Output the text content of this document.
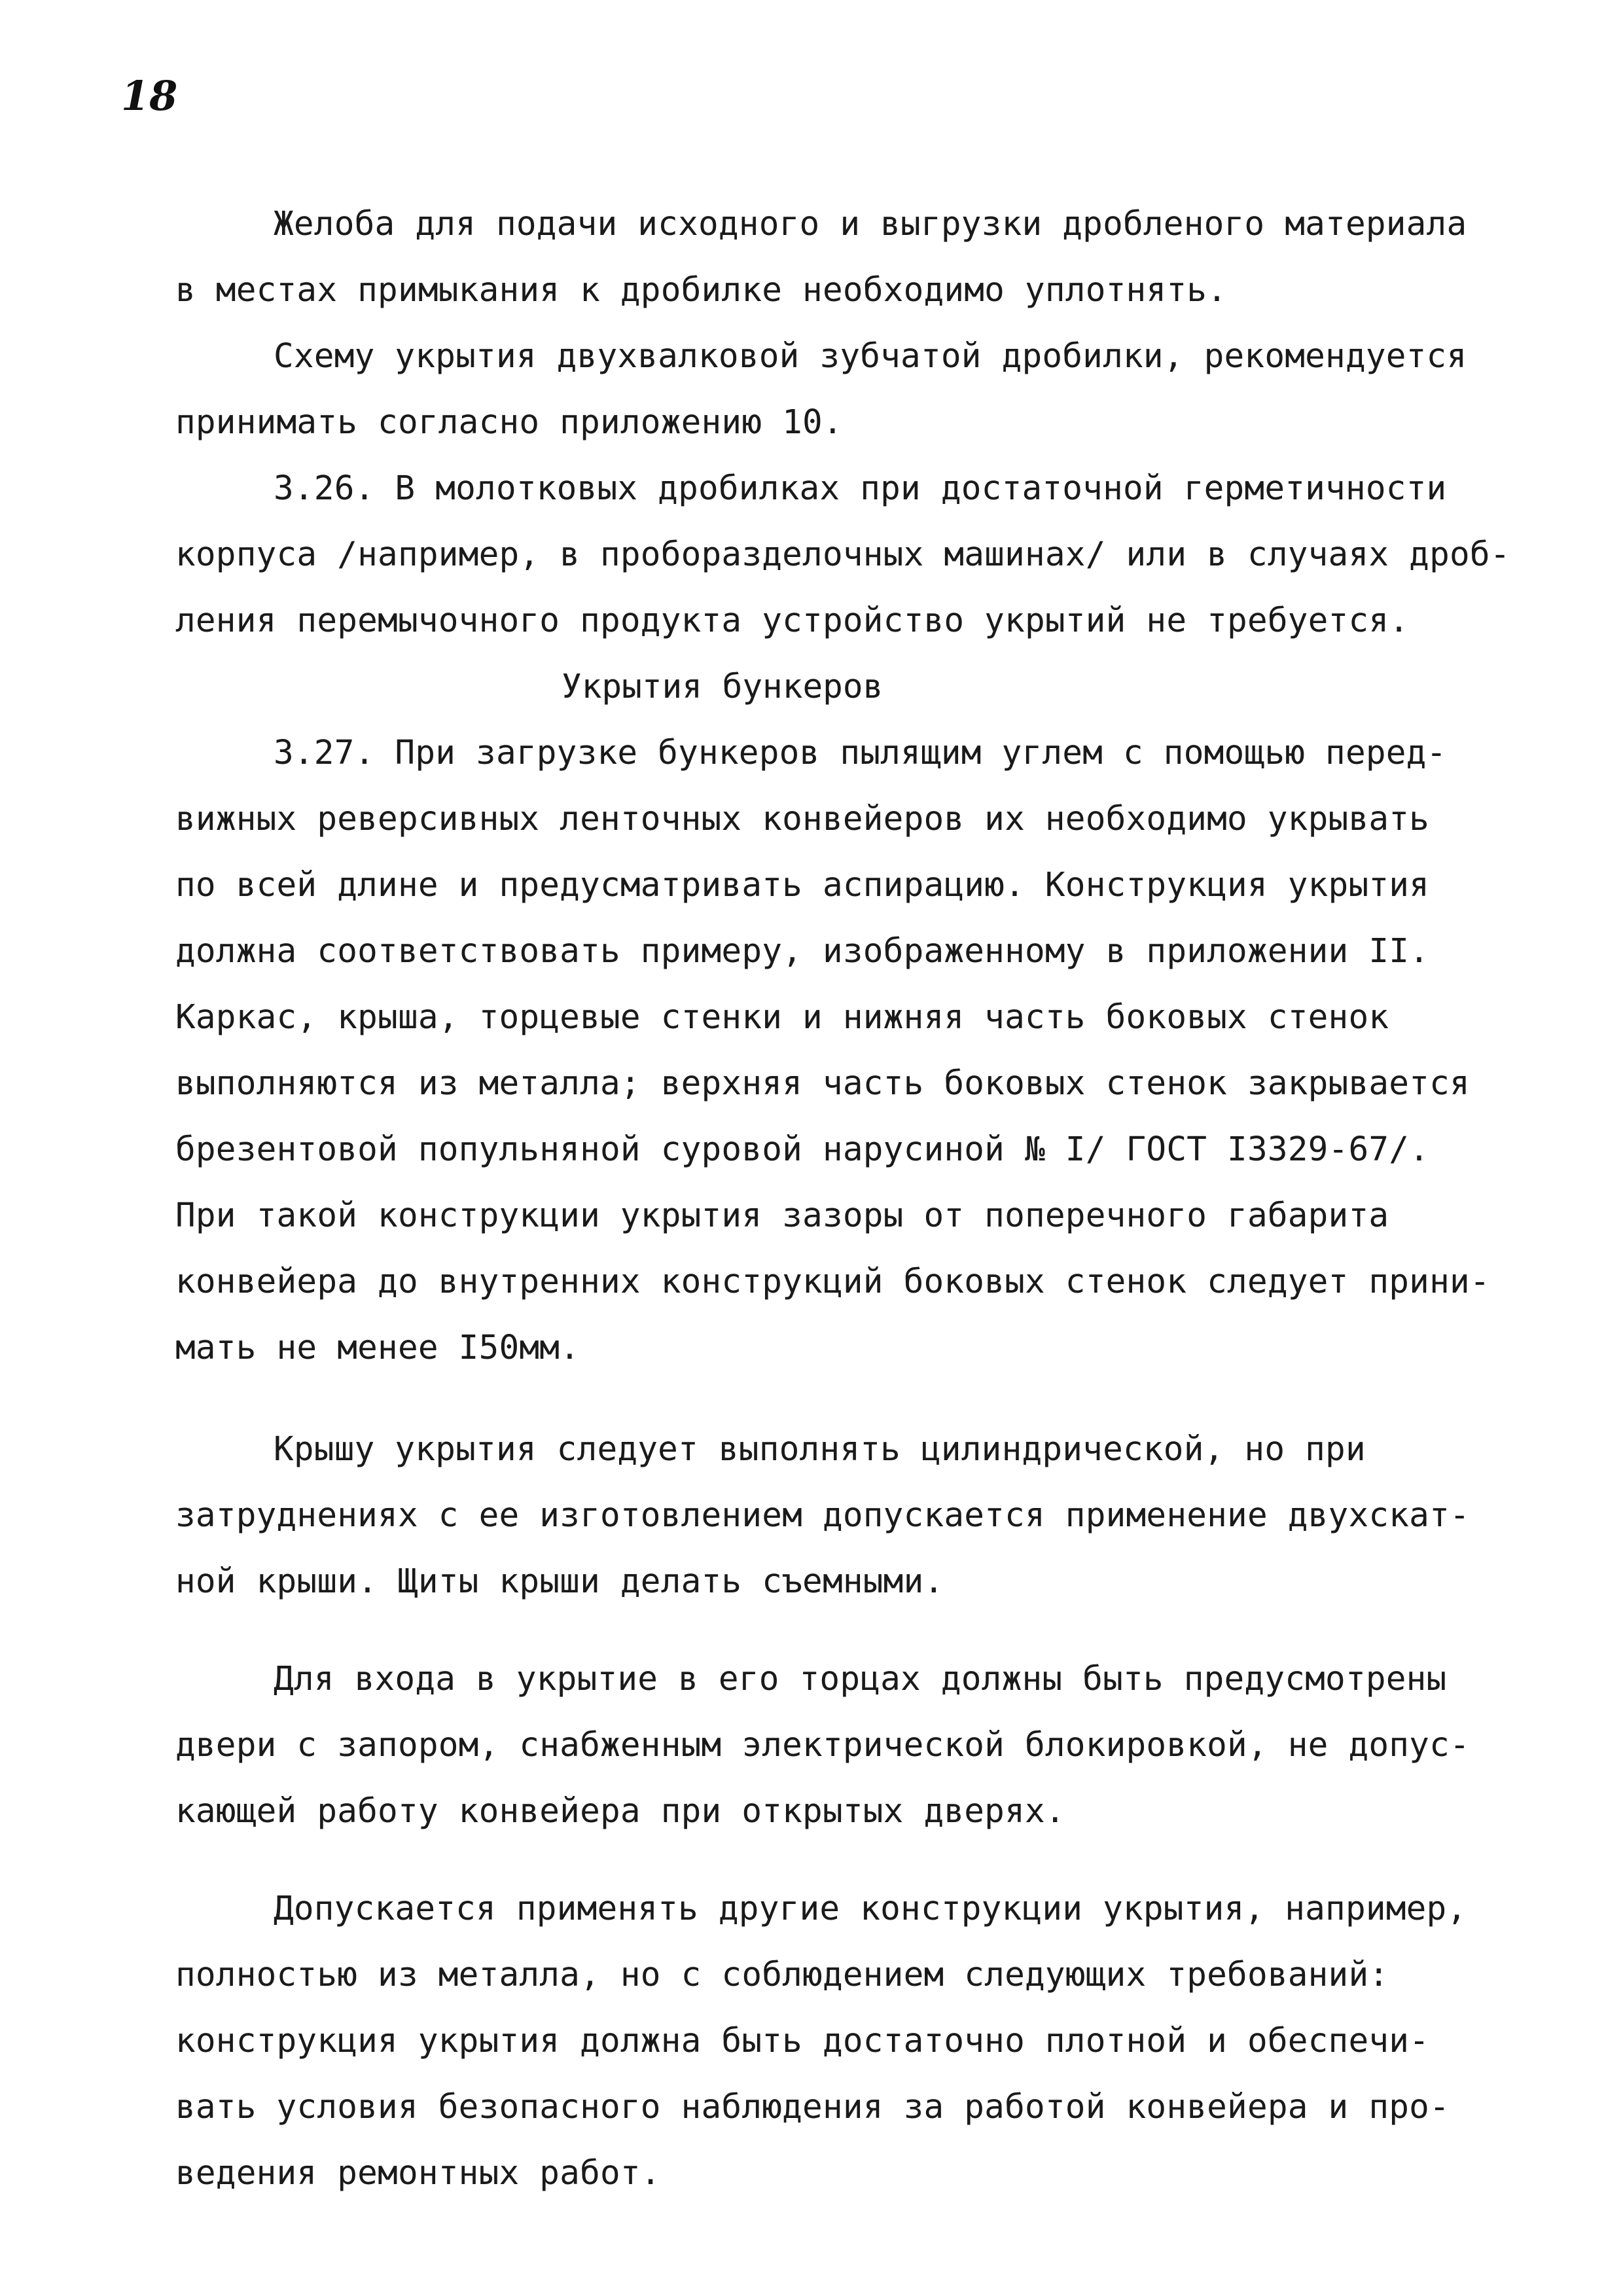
18

Желоба для подачи исходного и выгрузки дробленого материала

в местах примыкания к дробилке необходимо уплотнять.

Схему укрытия двухвалковой зубчатой дробилки, рекомендуется

принимать согласно приложению 10.

3.26. В молотковых дробилках при достаточной герметичности

корпуса /например, в проборазделочных машинах/ или в случаях дроб-

ления перемычочного продукта устройство укрытий не требуется.

Укрытия бункеров

3.27. При загрузке бункеров пылящим углем с помощью перед-

вижных реверсивных ленточных конвейеров их необходимо укрывать

по всей длине и предусматривать аспирацию. Конструкция укрытия

должна соответствовать примеру, изображенному в приложении II.

Каркас, крыша, торцевые стенки и нижняя часть боковых стенок

выполняются из металла; верхняя часть боковых стенок закрывается

брезентовой попульняной суровой нарусиной № I/ ГОСТ I3329-67/.

При такой конструкции укрытия зазоры от поперечного габарита

конвейера до внутренних конструкций боковых стенок следует прини-

мать не менее I50мм.

Крышу укрытия следует выполнять цилиндрической, но при

затруднениях с ее изготовлением допускается применение двухскат-

ной крыши. Щиты крыши делать съемными.

Для входа в укрытие в его торцах должны быть предусмотрены

двери с запором, снабженным электрической блокировкой, не допус-

кающей работу конвейера при открытых дверях.

Допускается применять другие конструкции укрытия, например,

полностью из металла, но с соблюдением следующих требований:

конструкция укрытия должна быть достаточно плотной и обеспечи-

вать условия безопасного наблюдения за работой конвейера и про-

ведения ремонтных работ.
